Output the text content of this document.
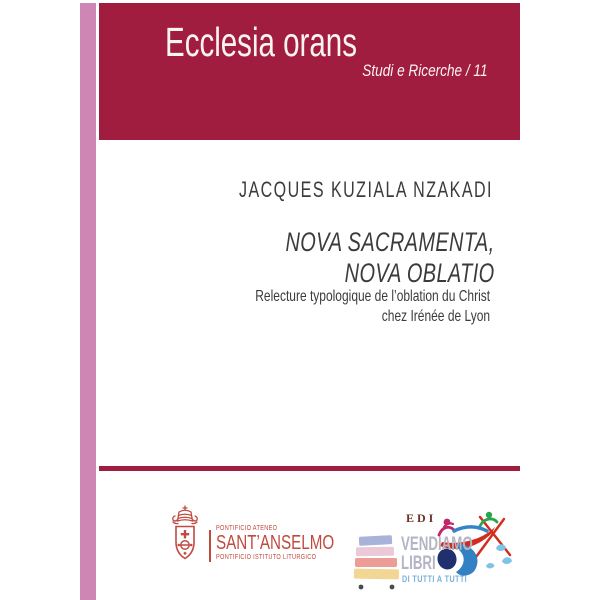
Ecclesia orans
Studi e Ricerche / 11
JACQUES KUZIALA NZAKADI
NOVA SACRAMENTA,
NOVA OBLATIO
Relecture typologique de l’oblation du Christ
chez Irénée de Lyon
PONTIFICIO ATENEO
SANT’ANSELMO
PONTIFICIO ISTITUTO LITURGICO
EDI
VENDIAMO
LIBRI
DI TUTTI A TUTTI
